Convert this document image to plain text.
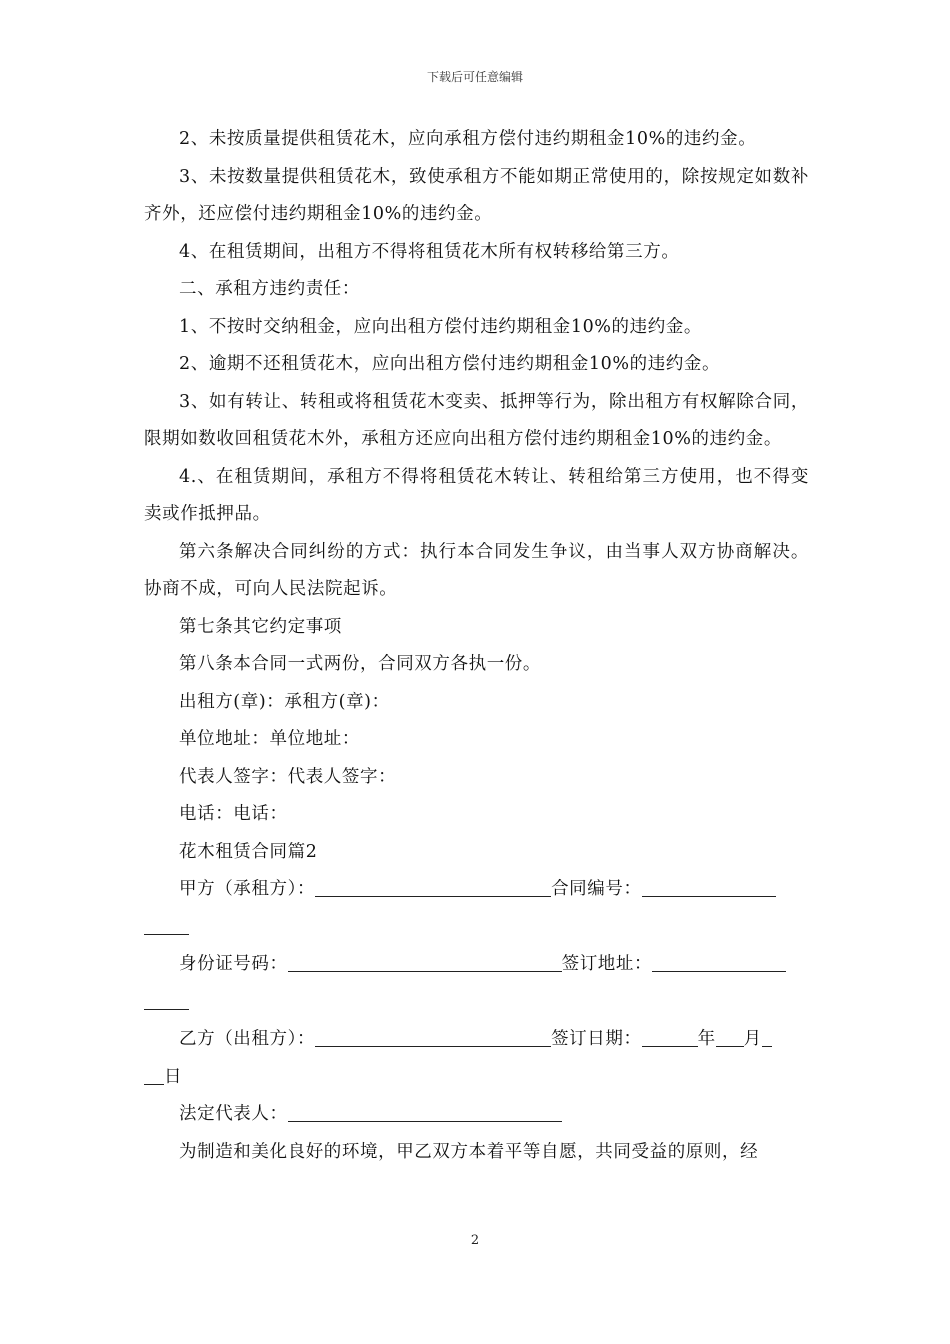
下载后可任意编辑

2、未按质量提供租赁花木，应向承租方偿付违约期租金10%的违约金。

3、未按数量提供租赁花木，致使承租方不能如期正常使用的，除按规定如数补齐外，还应偿付违约期租金10%的违约金。

4、在租赁期间，出租方不得将租赁花木所有权转移给第三方。

二、承租方违约责任：

1、不按时交纳租金，应向出租方偿付违约期租金10%的违约金。

2、逾期不还租赁花木，应向出租方偿付违约期租金10%的违约金。

3、如有转让、转租或将租赁花木变卖、抵押等行为，除出租方有权解除合同，限期如数收回租赁花木外，承租方还应向出租方偿付违约期租金10%的违约金。

4.、在租赁期间，承租方不得将租赁花木转让、转租给第三方使用，也不得变卖或作抵押品。

第六条解决合同纠纷的方式：执行本合同发生争议，由当事人双方协商解决。协商不成，可向人民法院起诉。

第七条其它约定事项

第八条本合同一式两份，合同双方各执一份。

出租方(章)：承租方(章)：

单位地址：单位地址：

代表人签字：代表人签字：

电话：电话：

花木租赁合同篇2

甲方（承租方）：	合同编号：

身份证号码：	签订地址：

乙方（出租方）：	签订日期：	年 月

日

法定代表人：

为制造和美化良好的环境，甲乙双方本着平等自愿，共同受益的原则，经

2
